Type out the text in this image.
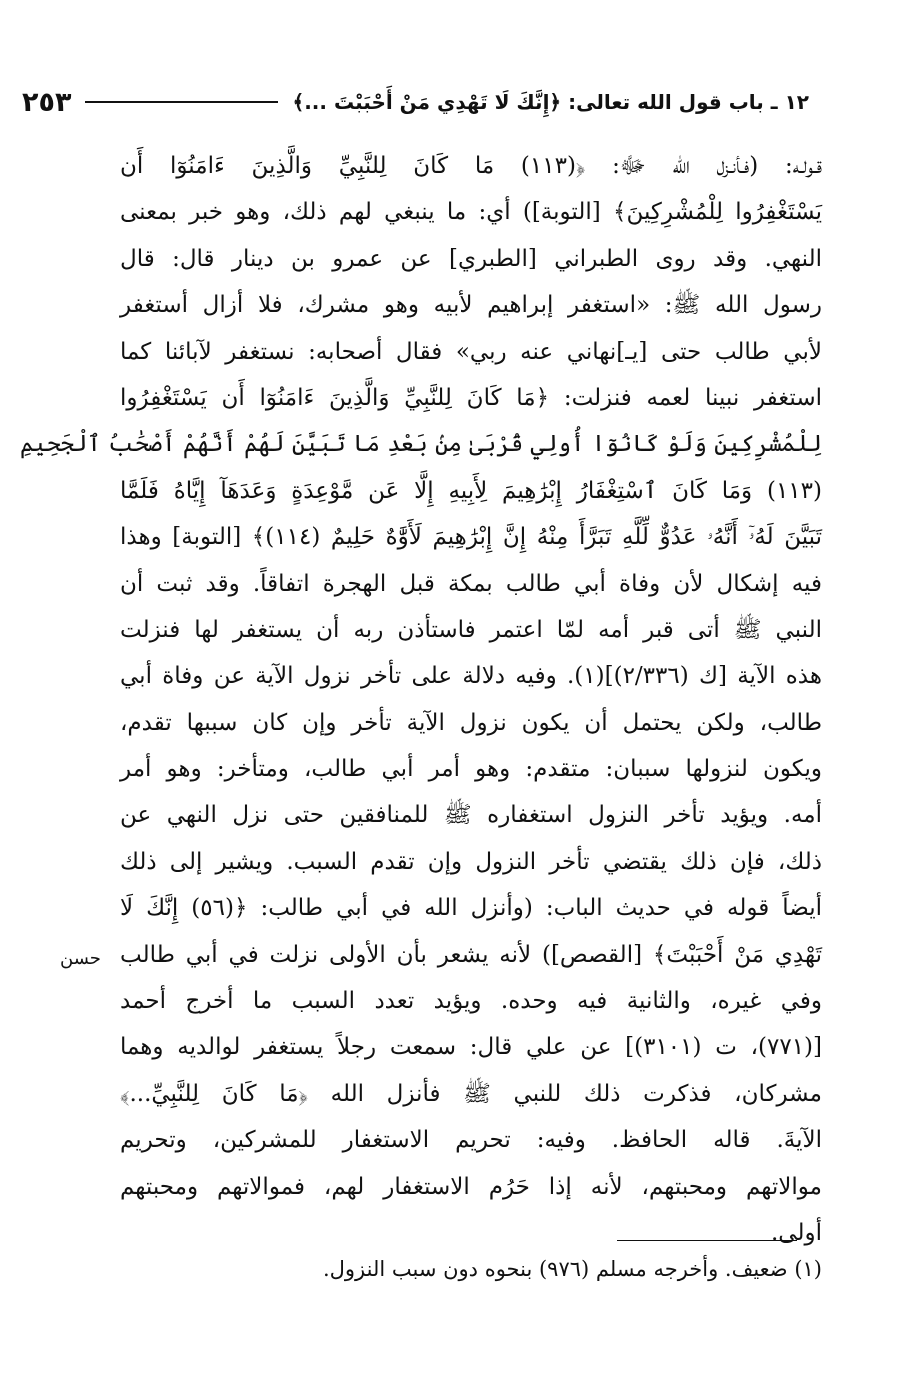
١٢ ـ باب قول الله تعالى: ﴿إِنَّكَ لَا تَهْدِي مَنْ أَحْبَبْتَ ...﴾
٢٥٣
قـولـه: (فـأنـزل الله ﷻ: ﴿(١١٣) مَا كَانَ لِلنَّبِيِّ وَالَّذِينَ ءَامَنُوٓا أَن
يَسْتَغْفِرُوا لِلْمُشْرِكِينَ﴾ [التوبة]) أي: ما ينبغي لهم ذلك، وهو خبر بمعنى
النهي. وقد روى الطبراني [الطبري] عن عمرو بن دينار قال: قال
رسول الله ﷺ: «استغفر إبراهيم لأبيه وهو مشرك، فلا أزال أستغفر
لأبي طالب حتى [يـ]نهاني عنه ربي» فقال أصحابه: نستغفر لآبائنا كما
استغفر نبينا لعمه فنزلت: ﴿مَا كَانَ لِلنَّبِيِّ وَالَّذِينَ ءَامَنُوٓا أَن يَسْتَغْفِرُوا
لِلْمُشْرِكِينَ وَلَوْ كَانُوٓا أُولِي قُرْبَىٰ مِنۢ بَعْدِ مَا تَبَيَّنَ لَهُمْ أَنَّهُمْ أَصْحَٰبُ ٱلْجَحِيمِ
(١١٣) وَمَا كَانَ ٱسْتِغْفَارُ إِبْرَٰهِيمَ لِأَبِيهِ إِلَّا عَن مَّوْعِدَةٍ وَعَدَهَآ إِيَّاهُ فَلَمَّا
تَبَيَّنَ لَهُۥٓ أَنَّهُۥ عَدُوٌّ لِّلَّهِ تَبَرَّأَ مِنْهُ إِنَّ إِبْرَٰهِيمَ لَأَوَّٰهٌ حَلِيمٌ (١١٤)﴾ [التوبة] وهذا
فيه إشكال لأن وفاة أبي طالب بمكة قبل الهجرة اتفاقاً. وقد ثبت أن
النبي ﷺ أتى قبر أمه لمّا اعتمر فاستأذن ربه أن يستغفر لها فنزلت
هذه الآية [ك (٢/٣٣٦)](١). وفيه دلالة على تأخر نزول الآية عن وفاة أبي
طالب، ولكن يحتمل أن يكون نزول الآية تأخر وإن كان سببها تقدم،
ويكون لنزولها سببان: متقدم: وهو أمر أبي طالب، ومتأخر: وهو أمر
أمه. ويؤيد تأخر النزول استغفاره ﷺ للمنافقين حتى نزل النهي عن
ذلك، فإن ذلك يقتضي تأخر النزول وإن تقدم السبب. ويشير إلى ذلك
أيضاً قوله في حديث الباب: (وأنزل الله في أبي طالب: ﴿(٥٦) إِنَّكَ لَا
تَهْدِي مَنْ أَحْبَبْتَ﴾ [القصص]) لأنه يشعر بأن الأولى نزلت في أبي طالب
وفي غيره، والثانية فيه وحده. ويؤيد تعدد السبب ما أخرج أحمد
[(٧٧١)، ت (٣١٠١)] عن علي قال: سمعت رجلاً يستغفر لوالديه وهما
مشركان، فذكرت ذلك للنبي ﷺ فأنزل الله ﴿مَا كَانَ لِلنَّبِيِّ...﴾
الآيةَ. قاله الحافظ. وفيه: تحريم الاستغفار للمشركين، وتحريم
موالاتهم ومحبتهم، لأنه إذا حَرُم الاستغفار لهم، فموالاتهم ومحبتهم
أولى.
حسن
(١) ضعيف. وأخرجه مسلم (٩٧٦) بنحوه دون سبب النزول.
